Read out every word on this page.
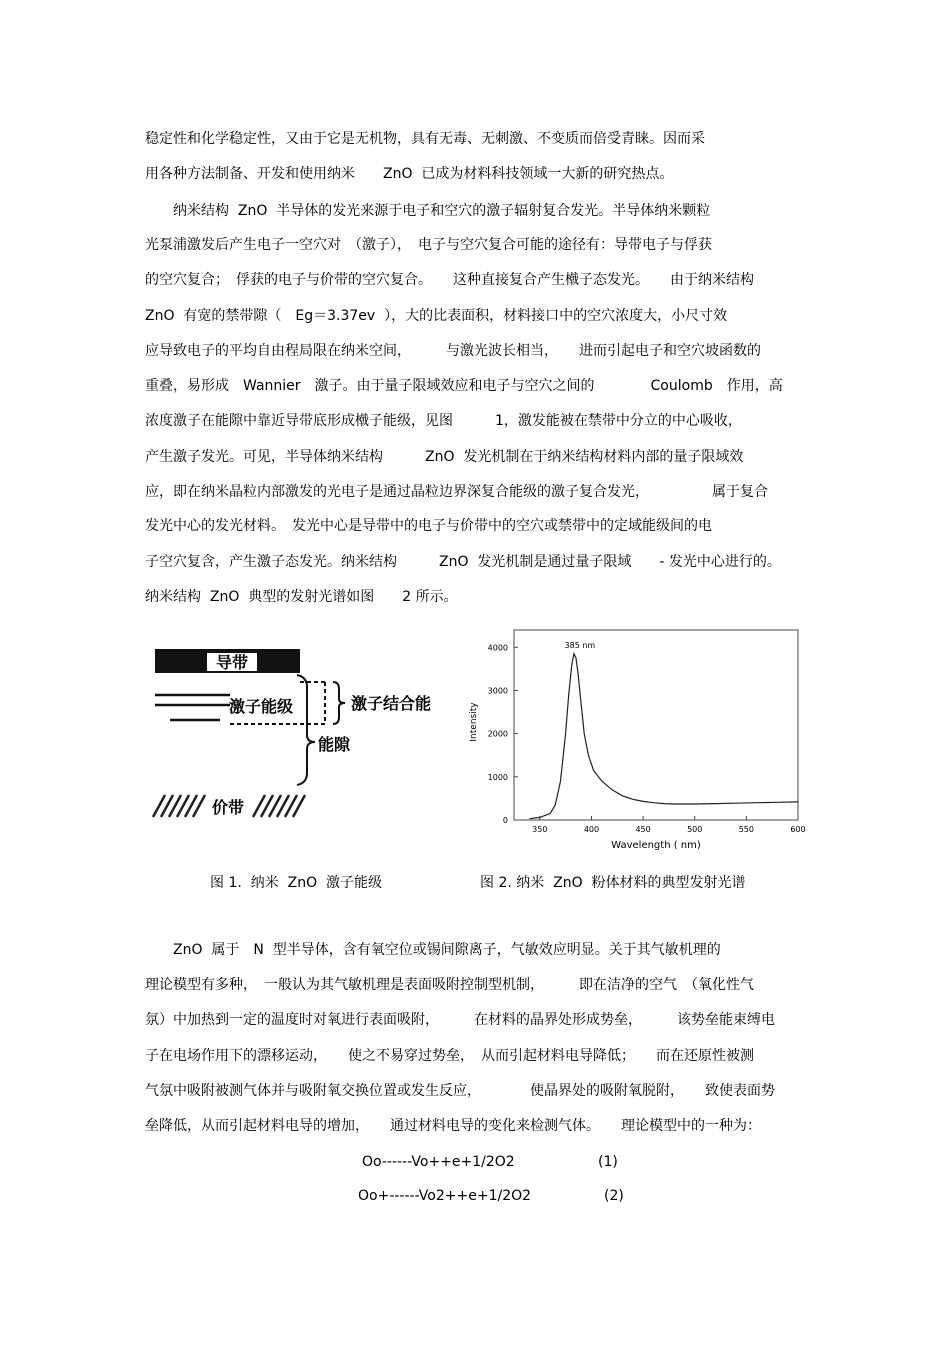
稳定性和化学稳定性，又由于它是无机物，具有无毒、无刺激、不变质而倍受青睐。因而采
用各种方法制备、开发和使用纳米　　ZnO  已成为材料科技领域一大新的研究热点。
　　纳米结构  ZnO  半导体的发光来源于电子和空穴的激子辐射复合发光。半导体纳米颗粒
光泵浦激发后产生电子一空穴对　（激子），　电子与空穴复合可能的途径有：导带电子与俘获
的空穴复合；　俘获的电子与价带的空穴复合。　　这种直接复合产生橶子态发光。　　由于纳米结构
ZnO  有宽的禁带隙（　Eg＝3.37ev  ），大的比表面积，材料接口中的空穴浓度大，小尺寸效
应导致电子的平均自由程局限在纳米空间，　　　与激光波长相当，　　进而引起电子和空穴坡函数的
重叠，易形成　Wannier　激子。由于量子限域效应和电子与空穴之间的　　　　Coulomb　作用，高
浓度激子在能隙中靠近导带底形成橶子能级，见图　　　1，激发能被在禁带中分立的中心吸收，
产生激子发光。可见，半导体纳米结构　　　ZnO  发光机制在于纳米结构材料内部的量子限域效
应，即在纳米晶粒内部激发的光电子是通过晶粒边界深复合能级的激子复合发光，　　　　　属于复合
发光中心的发光材料。　发光中心是导带中的电子与价带中的空穴或禁带中的定域能级间的电
子空穴复含，产生激子态发光。纳米结构　　　ZnO  发光机制是通过量子限域　　- 发光中心进行的。
纳米结构  ZnO  典型的发射光谱如图　　2 所示。
导带
激子能级	激子结合能
能隙
价带
0
1000
2000
3000
4000
350	400	450	500	550	600
385 nm
Wavelength ( nm)
Intensity
图 1.  纳米  ZnO  激子能级	图 2. 纳米  ZnO  粉体材料的典型发射光谱
　　ZnO  属于　N  型半导体，含有氧空位或锡间隙离子，气敏效应明显。关于其气敏机理的
理论模型有多种，　一般认为其气敏机理是表面吸附控制型机制，　　　即在洁净的空气　（氧化性气
氛）中加热到一定的温度时对氧进行表面吸附，　　　在材料的晶界处形成势垒，　　　该势垒能束缚电
子在电场作用下的漂移运动，　　使之不易穿过势垒，　从而引起材料电导降低；　　而在还原性被测
气氛中吸附被测气体并与吸附氧交换位置或发生反应，　　　　使晶界处的吸附氧脱附，　　致使表面势
垒降低，从而引起材料电导的增加，　　通过材料电导的变化来检测气体。　　理论模型中的一种为：
Oo------Vo++e+1/2O2	(1)
Oo+------Vo2++e+1/2O2	(2)
